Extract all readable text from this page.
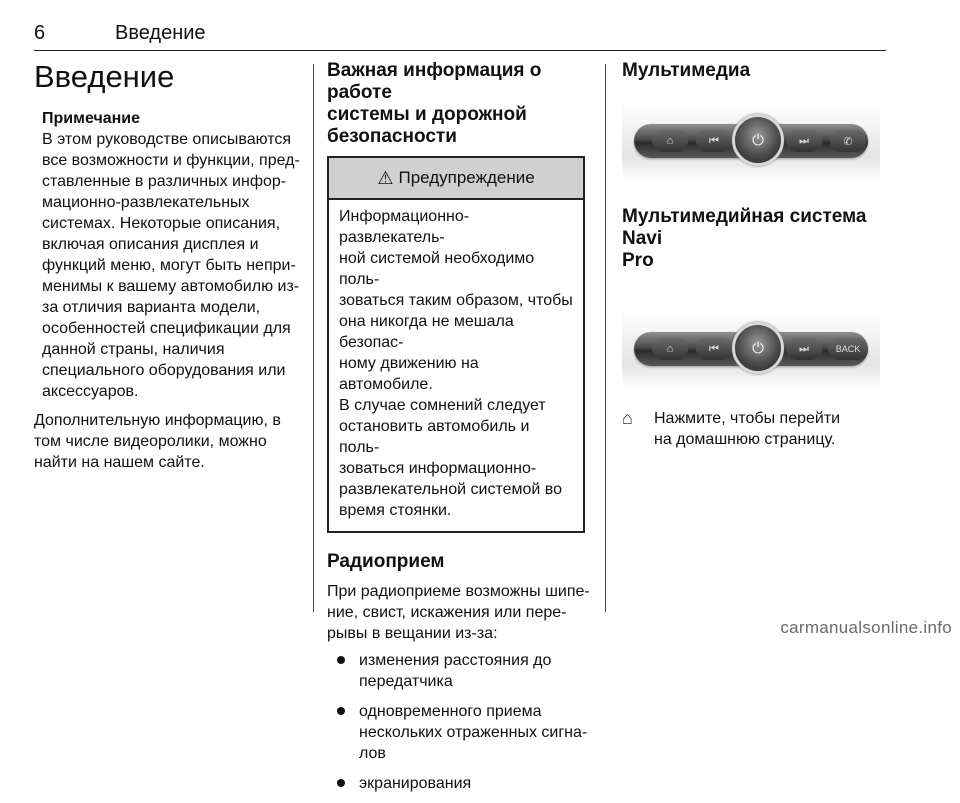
6	Введение
Введение
Примечание
В этом руководстве описываются
все возможности и функции, пред-
ставленные в различных инфор-
мационно-развлекательных
системах. Некоторые описания,
включая описания дисплея и
функций меню, могут быть непри-
менимы к вашему автомобилю из-
за отличия варианта модели,
особенностей спецификации для
данной страны, наличия
специального оборудования или
аксессуаров.

Дополнительную информацию, в
том числе видеоролики, можно
найти на нашем сайте.

Важная информация о работе
системы и дорожной
безопасности
⚠ Предупреждение
Информационно-развлекатель-
ной системой необходимо поль-
зоваться таким образом, чтобы
она никогда не мешала безопас-
ному движению на автомобиле.
В случае сомнений следует
остановить автомобиль и поль-
зоваться информационно-
развлекательной системой во
время стоянки.
Радиоприем

При радиоприеме возможны шипе-
ние, свист, искажения или пере-
рывы в вещании из-за:

изменения расстояния до
передатчика
одновременного приема
нескольких отраженных сигна-
лов
экранирования
Мультимедиа
⌂	⏮	⏻	⏭	✆
Мультимедийная система Navi
Pro
⌂	⏮	⏻	⏭	BACK
⌂	Нажмите, чтобы перейти
на домашнюю страницу.
carmanualsonline.info
